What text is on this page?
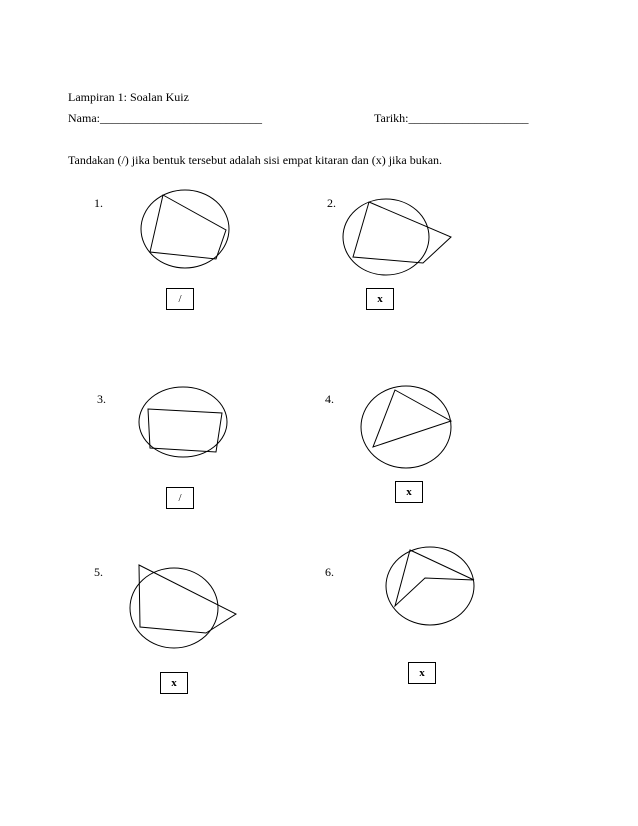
Lampiran 1: Soalan Kuiz
Nama:___________________________	Tarikh:____________________
Tandakan (/) jika bentuk tersebut adalah sisi empat kitaran dan (x) jika bukan.
1.	2.
3.	4.
5.	6.
/	x
/	x
x
x
